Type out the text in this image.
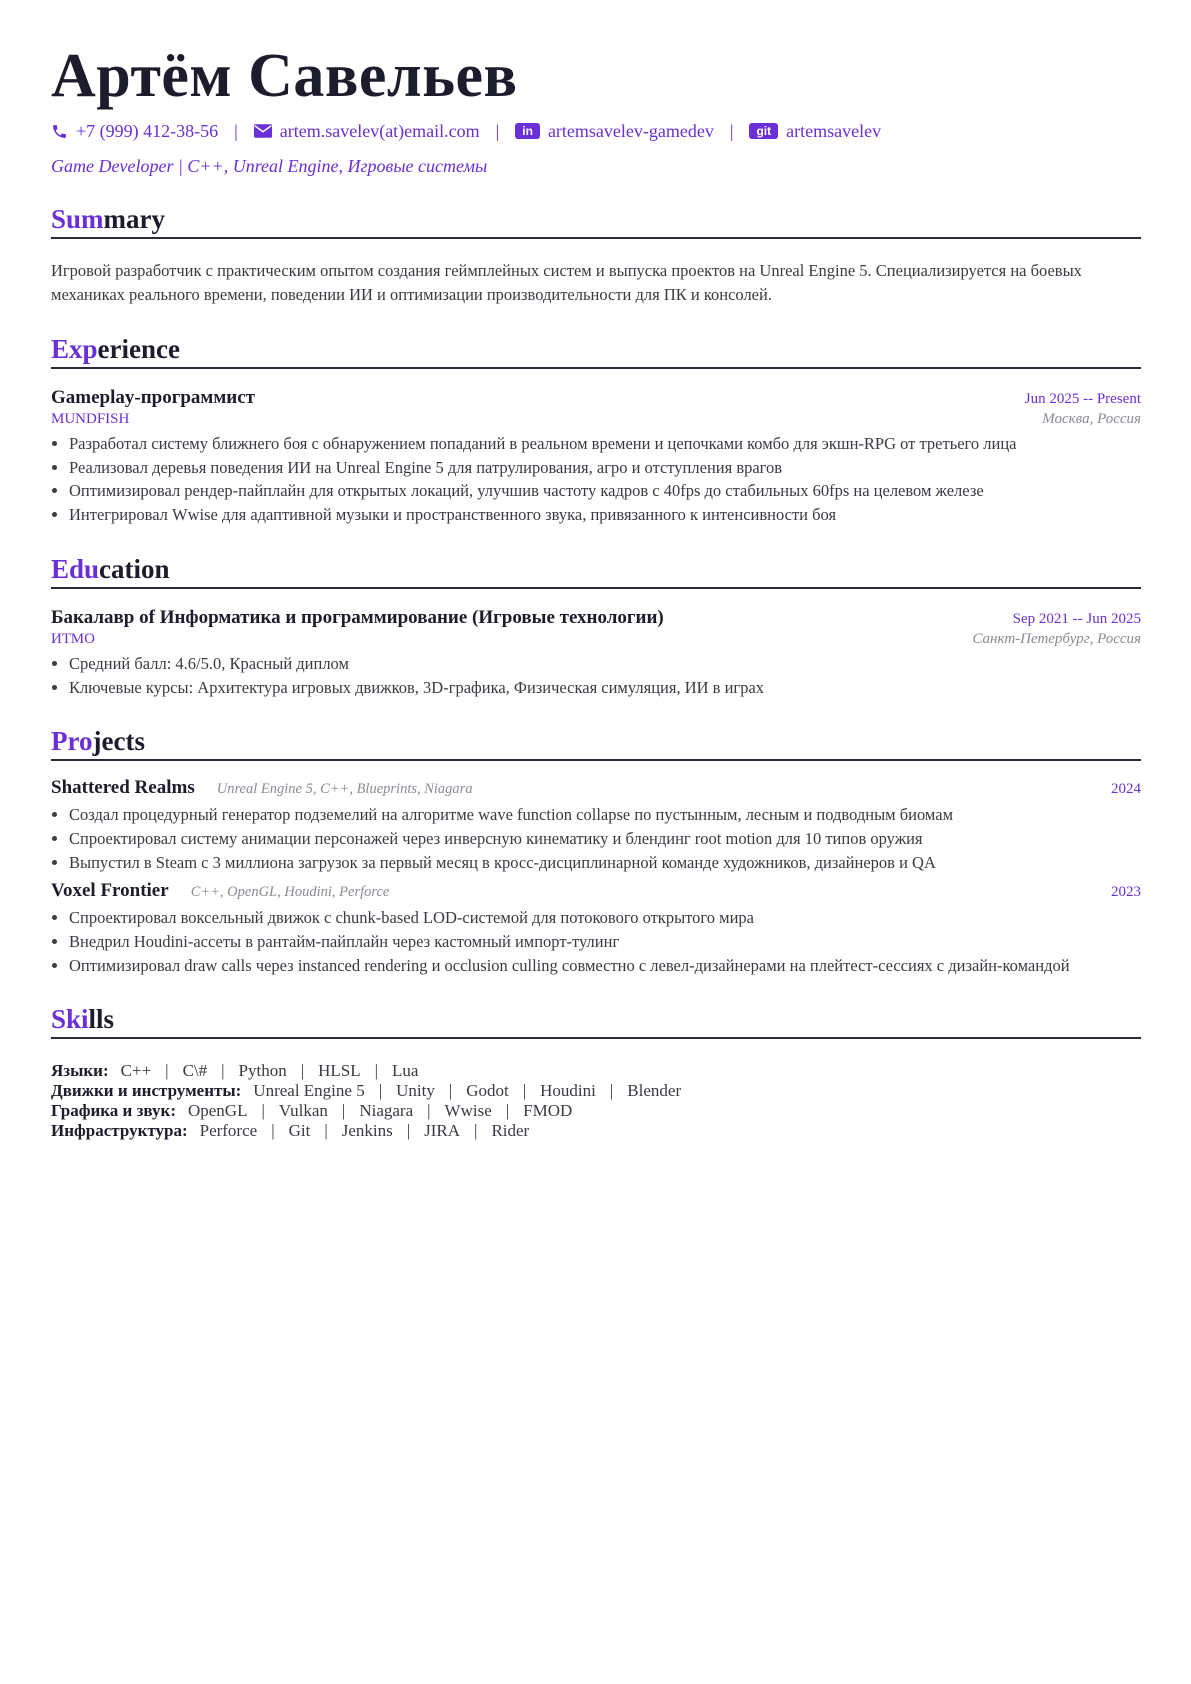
Артём Савельев
+7 (999) 412-38-56 | artem.savelev(at)email.com |	in artemsavelev-gamedev |	git artemsavelev
Game Developer | C++, Unreal Engine, Игровые системы
Summary
Игровой разработчик с практическим опытом создания геймплейных систем и выпуска проектов на Unreal Engine 5. Специализируется на боевых механиках реального времени, поведении ИИ и оптимизации производительности для ПК и консолей.
Experience
Gameplay-программист	Jun 2025 -- Present
MUNDFISH	Москва, Россия
• Разработал систему ближнего боя с обнаружением попаданий в реальном времени и цепочками комбо для экшн-RPG от третьего лица
• Реализовал деревья поведения ИИ на Unreal Engine 5 для патрулирования, агро и отступления врагов
• Оптимизировал рендер-пайплайн для открытых локаций, улучшив частоту кадров с 40fps до стабильных 60fps на целевом железе
• Интегрировал Wwise для адаптивной музыки и пространственного звука, привязанного к интенсивности боя
Education
Бакалавр of Информатика и программирование (Игровые технологии)	Sep 2021 -- Jun 2025
ИТМО	Санкт-Петербург, Россия
• Средний балл: 4.6/5.0, Красный диплом
• Ключевые курсы: Архитектура игровых движков, 3D-графика, Физическая симуляция, ИИ в играх
Projects
Shattered Realms Unreal Engine 5, C++, Blueprints, Niagara	2024
• Создал процедурный генератор подземелий на алгоритме wave function collapse по пустынным, лесным и подводным биомам
• Спроектировал систему анимации персонажей через инверсную кинематику и блендинг root motion для 10 типов оружия
• Выпустил в Steam с 3 миллиона загрузок за первый месяц в кросс-дисциплинарной команде художников, дизайнеров и QA
Voxel Frontier C++, OpenGL, Houdini, Perforce	2023
• Спроектировал воксельный движок с chunk-based LOD-системой для потокового открытого мира
• Внедрил Houdini-ассеты в рантайм-пайплайн через кастомный импорт-тулинг
• Оптимизировал draw calls через instanced rendering и occlusion culling совместно с левел-дизайнерами на плейтест-сессиях с дизайн-командой
Skills
Языки: C++ | C\# | Python | HLSL | Lua
Движки и инструменты: Unreal Engine 5 | Unity | Godot | Houdini | Blender
Графика и звук: OpenGL | Vulkan | Niagara | Wwise | FMOD
Инфраструктура: Perforce | Git | Jenkins | JIRA | Rider
